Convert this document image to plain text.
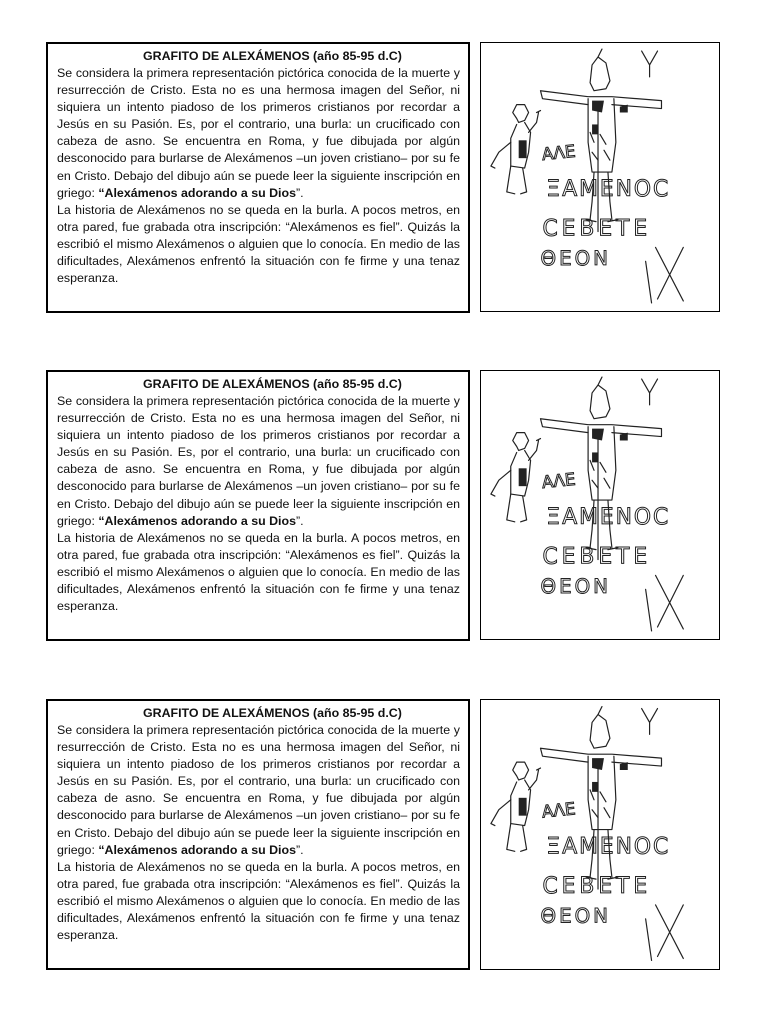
GRAFITO DE ALEXÁMENOS (año 85-95 d.C)

Se considera la primera representación pictórica conocida de la muerte y resurrección de Cristo. Esta no es una hermosa imagen del Señor, ni siquiera un intento piadoso de los primeros cristianos por recordar a Jesús en su Pasión. Es, por el contrario, una burla: un crucificado con cabeza de asno. Se encuentra en Roma, y fue dibujada por algún desconocido para burlarse de Alexámenos –un joven cristiano– por su fe en Cristo. Debajo del dibujo aún se puede leer la siguiente inscripción en griego: “Alexámenos adorando a su Dios”.

La historia de Alexámenos no se queda en la burla. A pocos metros, en otra pared, fue grabada otra inscripción: “Alexámenos es fiel”. Quizás la escribió el mismo Alexámenos o alguien que lo conocía. En medio de las dificultades, Alexámenos enfrentó la situación con fe firme y una tenaz esperanza.

ΑΛΕ
ΞΑΜΕΝΟϹ
ϹΕΒΕΤΕ
ΘΕΟΝ
GRAFITO DE ALEXÁMENOS (año 85-95 d.C)

Se considera la primera representación pictórica conocida de la muerte y resurrección de Cristo. Esta no es una hermosa imagen del Señor, ni siquiera un intento piadoso de los primeros cristianos por recordar a Jesús en su Pasión. Es, por el contrario, una burla: un crucificado con cabeza de asno. Se encuentra en Roma, y fue dibujada por algún desconocido para burlarse de Alexámenos –un joven cristiano– por su fe en Cristo. Debajo del dibujo aún se puede leer la siguiente inscripción en griego: “Alexámenos adorando a su Dios”.

La historia de Alexámenos no se queda en la burla. A pocos metros, en otra pared, fue grabada otra inscripción: “Alexámenos es fiel”. Quizás la escribió el mismo Alexámenos o alguien que lo conocía. En medio de las dificultades, Alexámenos enfrentó la situación con fe firme y una tenaz esperanza.

ΑΛΕ
ΞΑΜΕΝΟϹ
ϹΕΒΕΤΕ
ΘΕΟΝ
GRAFITO DE ALEXÁMENOS (año 85-95 d.C)

Se considera la primera representación pictórica conocida de la muerte y resurrección de Cristo. Esta no es una hermosa imagen del Señor, ni siquiera un intento piadoso de los primeros cristianos por recordar a Jesús en su Pasión. Es, por el contrario, una burla: un crucificado con cabeza de asno. Se encuentra en Roma, y fue dibujada por algún desconocido para burlarse de Alexámenos –un joven cristiano– por su fe en Cristo. Debajo del dibujo aún se puede leer la siguiente inscripción en griego: “Alexámenos adorando a su Dios”.

La historia de Alexámenos no se queda en la burla. A pocos metros, en otra pared, fue grabada otra inscripción: “Alexámenos es fiel”. Quizás la escribió el mismo Alexámenos o alguien que lo conocía. En medio de las dificultades, Alexámenos enfrentó la situación con fe firme y una tenaz esperanza.

ΑΛΕ
ΞΑΜΕΝΟϹ
ϹΕΒΕΤΕ
ΘΕΟΝ
